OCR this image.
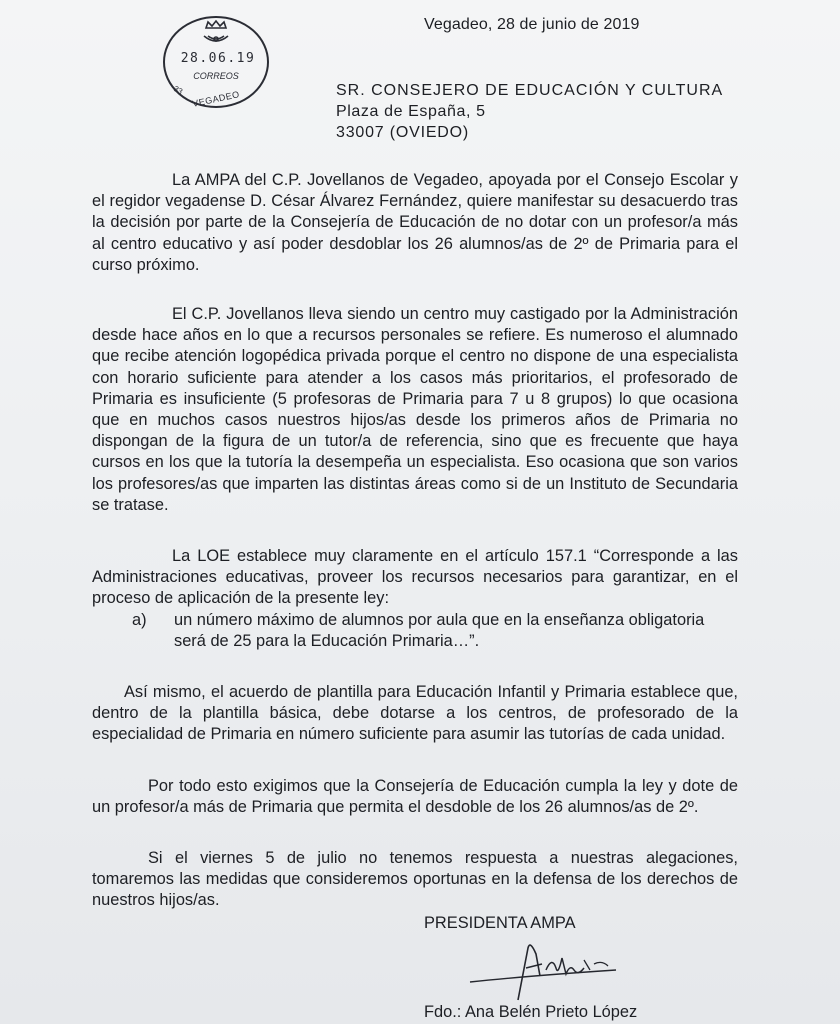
28.06.19
CORREOS
33 VEGADEO
Vegadeo, 28 de junio de 2019
SR. CONSEJERO DE EDUCACIÓN Y CULTURA
Plaza de España, 5
33007 (OVIEDO)

La AMPA del C.P. Jovellanos de Vegadeo, apoyada por el Consejo Escolar y el regidor vegadense D. César Álvarez Fernández, quiere manifestar su desacuerdo tras la decisión por parte de la Consejería de Educación de no dotar con un profesor/a más al centro educativo y así poder desdoblar los 26 alumnos/as de 2º de Primaria para el curso próximo.

El C.P. Jovellanos lleva siendo un centro muy castigado por la Administración desde hace años en lo que a recursos personales se refiere. Es numeroso el alumnado que recibe atención logopédica privada porque el centro no dispone de una especialista con horario suficiente para atender a los casos más prioritarios, el profesorado de Primaria es insuficiente (5 profesoras de Primaria para 7 u 8 grupos) lo que ocasiona que en muchos casos nuestros hijos/as desde los primeros años de Primaria no dispongan de la figura de un tutor/a de referencia, sino que es frecuente que haya cursos en los que la tutoría la desempeña un especialista. Eso ocasiona que son varios los profesores/as que imparten las distintas áreas como si de un Instituto de Secundaria se tratase.

La LOE establece muy claramente en el artículo 157.1 “Corresponde a las Administraciones educativas, proveer los recursos necesarios para garantizar, en el proceso de aplicación de la presente ley:

a)	un número máximo de alumnos por aula que en la enseñanza obligatoria será de 25 para la Educación Primaria…”.

Así mismo, el acuerdo de plantilla para Educación Infantil y Primaria establece que, dentro de la plantilla básica, debe dotarse a los centros, de profesorado de la especialidad de Primaria en número suficiente para asumir las tutorías de cada unidad.

Por todo esto exigimos que la Consejería de Educación cumpla la ley y dote de un profesor/a más de Primaria que permita el desdoble de los 26 alumnos/as de 2º.

Si el viernes 5 de julio no tenemos respuesta a nuestras alegaciones, tomaremos las medidas que consideremos oportunas en la defensa de los derechos de nuestros hijos/as.

PRESIDENTA AMPA
Fdo.: Ana Belén Prieto López
